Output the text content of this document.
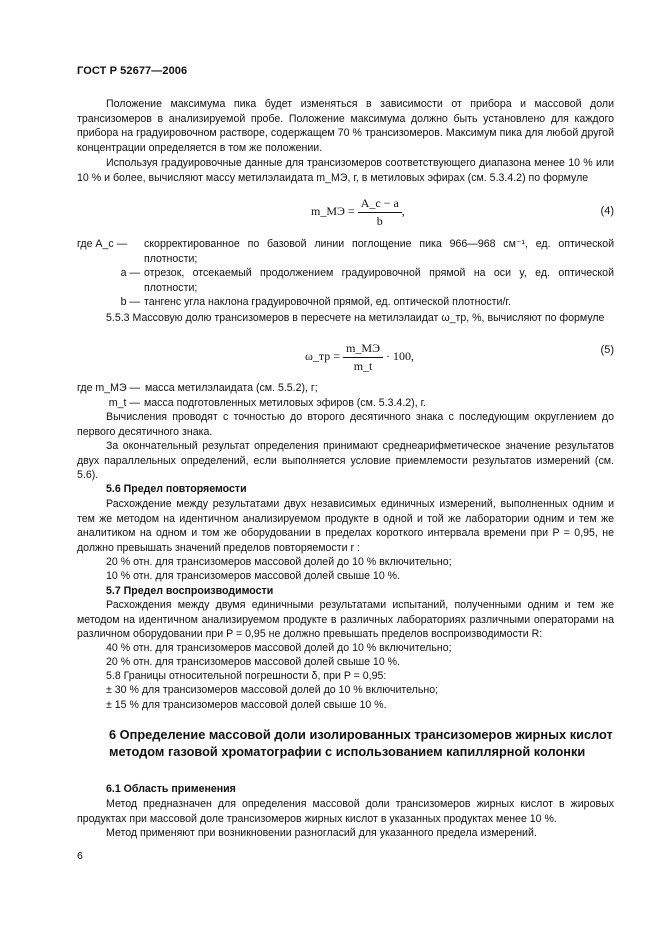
ГОСТ Р 52677—2006
Положение максимума пика будет изменяться в зависимости от прибора и массовой доли трансизомеров в анализируемой пробе. Положение максимума должно быть установлено для каждого прибора на градуировочном растворе, содержащем 70 % трансизомеров. Максимум пика для любой другой концентрации определяется в том же положении.
Используя градуировочные данные для трансизомеров соответствующего диапазона менее 10 % или 10 % и более, вычисляют массу метилэлаидата m_МЭ, г, в метиловых эфирах (см. 5.3.4.2) по формуле
m_МЭ = $\frac{A\_с - a}{b}$ ,	(4)
где A_с —	скорректированное по базовой линии поглощение пика 966—968 см⁻¹, ед. оптической плотности;
a — отрезок, отсекаемый продолжением градуировочной прямой на оси y, ед. оптической плотности;
b — тангенс угла наклона градуировочной прямой, ед. оптической плотности/г.
5.5.3 Массовую долю трансизомеров в пересчете на метилэлаидат ω_тр, %, вычисляют по формуле
ω_тр = $\frac{m\_МЭ}{m\_t} \cdot 100$,	(5)
где m_МЭ — масса метилэлаидата (см. 5.5.2), г;
m_t — масса подготовленных метиловых эфиров (см. 5.3.4.2), г.
Вычисления проводят с точностью до второго десятичного знака с последующим округлением до первого десятичного знака.
За окончательный результат определения принимают среднеарифметическое значение результатов двух параллельных определений, если выполняется условие приемлемости результатов измерений (см. 5.6).
5.6 Предел повторяемости
Расхождение между результатами двух независимых единичных измерений, выполненных одним и тем же методом на идентичном анализируемом продукте в одной и той же лаборатории одним и тем же аналитиком на одном и том же оборудовании в пределах короткого интервала времени при P = 0,95, не должно превышать значений пределов повторяемости r :
20 % отн. для трансизомеров массовой долей до 10 % включительно;
10 % отн. для трансизомеров массовой долей свыше 10 %.
5.7 Предел воспроизводимости
Расхождения между двумя единичными результатами испытаний, полученными одним и тем же методом на идентичном анализируемом продукте в различных лабораториях различными операторами на различном оборудовании при P = 0,95 не должно превышать пределов воспроизводимости R:
40 % отн. для трансизомеров массовой долей до 10 % включительно;
20 % отн. для трансизомеров массовой долей свыше 10 %.
5.8 Границы относительной погрешности δ, при P = 0,95:
± 30 % для трансизомеров массовой долей до 10 % включительно;
± 15 % для трансизомеров массовой долей свыше 10 %.
6 Определение массовой доли изолированных трансизомеров жирных кислот методом газовой хроматографии с использованием капиллярной колонки
6.1 Область применения
Метод предназначен для определения массовой доли трансизомеров жирных кислот в жировых продуктах при массовой доле трансизомеров жирных кислот в указанных продуктах менее 10 %.
Метод применяют при возникновении разногласий для указанного предела измерений.
6
